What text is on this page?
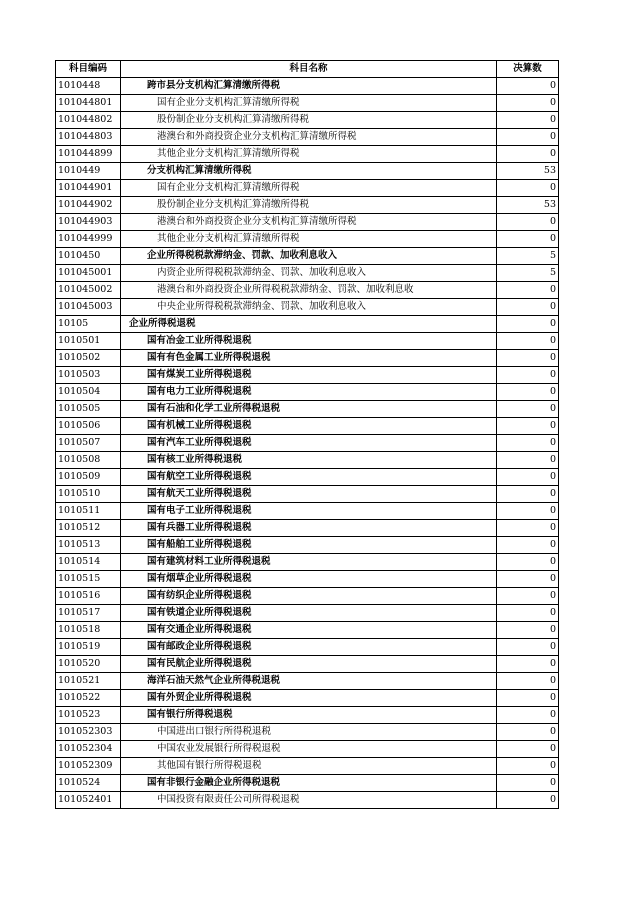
科目编码	科目名称	决算数
1010448	跨市县分支机构汇算清缴所得税	0
101044801	国有企业分支机构汇算清缴所得税	0
101044802	股份制企业分支机构汇算清缴所得税	0
101044803	港澳台和外商投资企业分支机构汇算清缴所得税	0
101044899	其他企业分支机构汇算清缴所得税	0
1010449	分支机构汇算清缴所得税	53
101044901	国有企业分支机构汇算清缴所得税	0
101044902	股份制企业分支机构汇算清缴所得税	53
101044903	港澳台和外商投资企业分支机构汇算清缴所得税	0
101044999	其他企业分支机构汇算清缴所得税	0
1010450	企业所得税税款滞纳金、罚款、加收利息收入	5
101045001	内资企业所得税税款滞纳金、罚款、加收利息收入	5
101045002	港澳台和外商投资企业所得税税款滞纳金、罚款、加收利息收	0
101045003	中央企业所得税税款滞纳金、罚款、加收利息收入	0
10105	企业所得税退税	0
1010501	国有冶金工业所得税退税	0
1010502	国有有色金属工业所得税退税	0
1010503	国有煤炭工业所得税退税	0
1010504	国有电力工业所得税退税	0
1010505	国有石油和化学工业所得税退税	0
1010506	国有机械工业所得税退税	0
1010507	国有汽车工业所得税退税	0
1010508	国有核工业所得税退税	0
1010509	国有航空工业所得税退税	0
1010510	国有航天工业所得税退税	0
1010511	国有电子工业所得税退税	0
1010512	国有兵器工业所得税退税	0
1010513	国有船舶工业所得税退税	0
1010514	国有建筑材料工业所得税退税	0
1010515	国有烟草企业所得税退税	0
1010516	国有纺织企业所得税退税	0
1010517	国有铁道企业所得税退税	0
1010518	国有交通企业所得税退税	0
1010519	国有邮政企业所得税退税	0
1010520	国有民航企业所得税退税	0
1010521	海洋石油天然气企业所得税退税	0
1010522	国有外贸企业所得税退税	0
1010523	国有银行所得税退税	0
101052303	中国进出口银行所得税退税	0
101052304	中国农业发展银行所得税退税	0
101052309	其他国有银行所得税退税	0
1010524	国有非银行金融企业所得税退税	0
101052401	中国投资有限责任公司所得税退税	0
